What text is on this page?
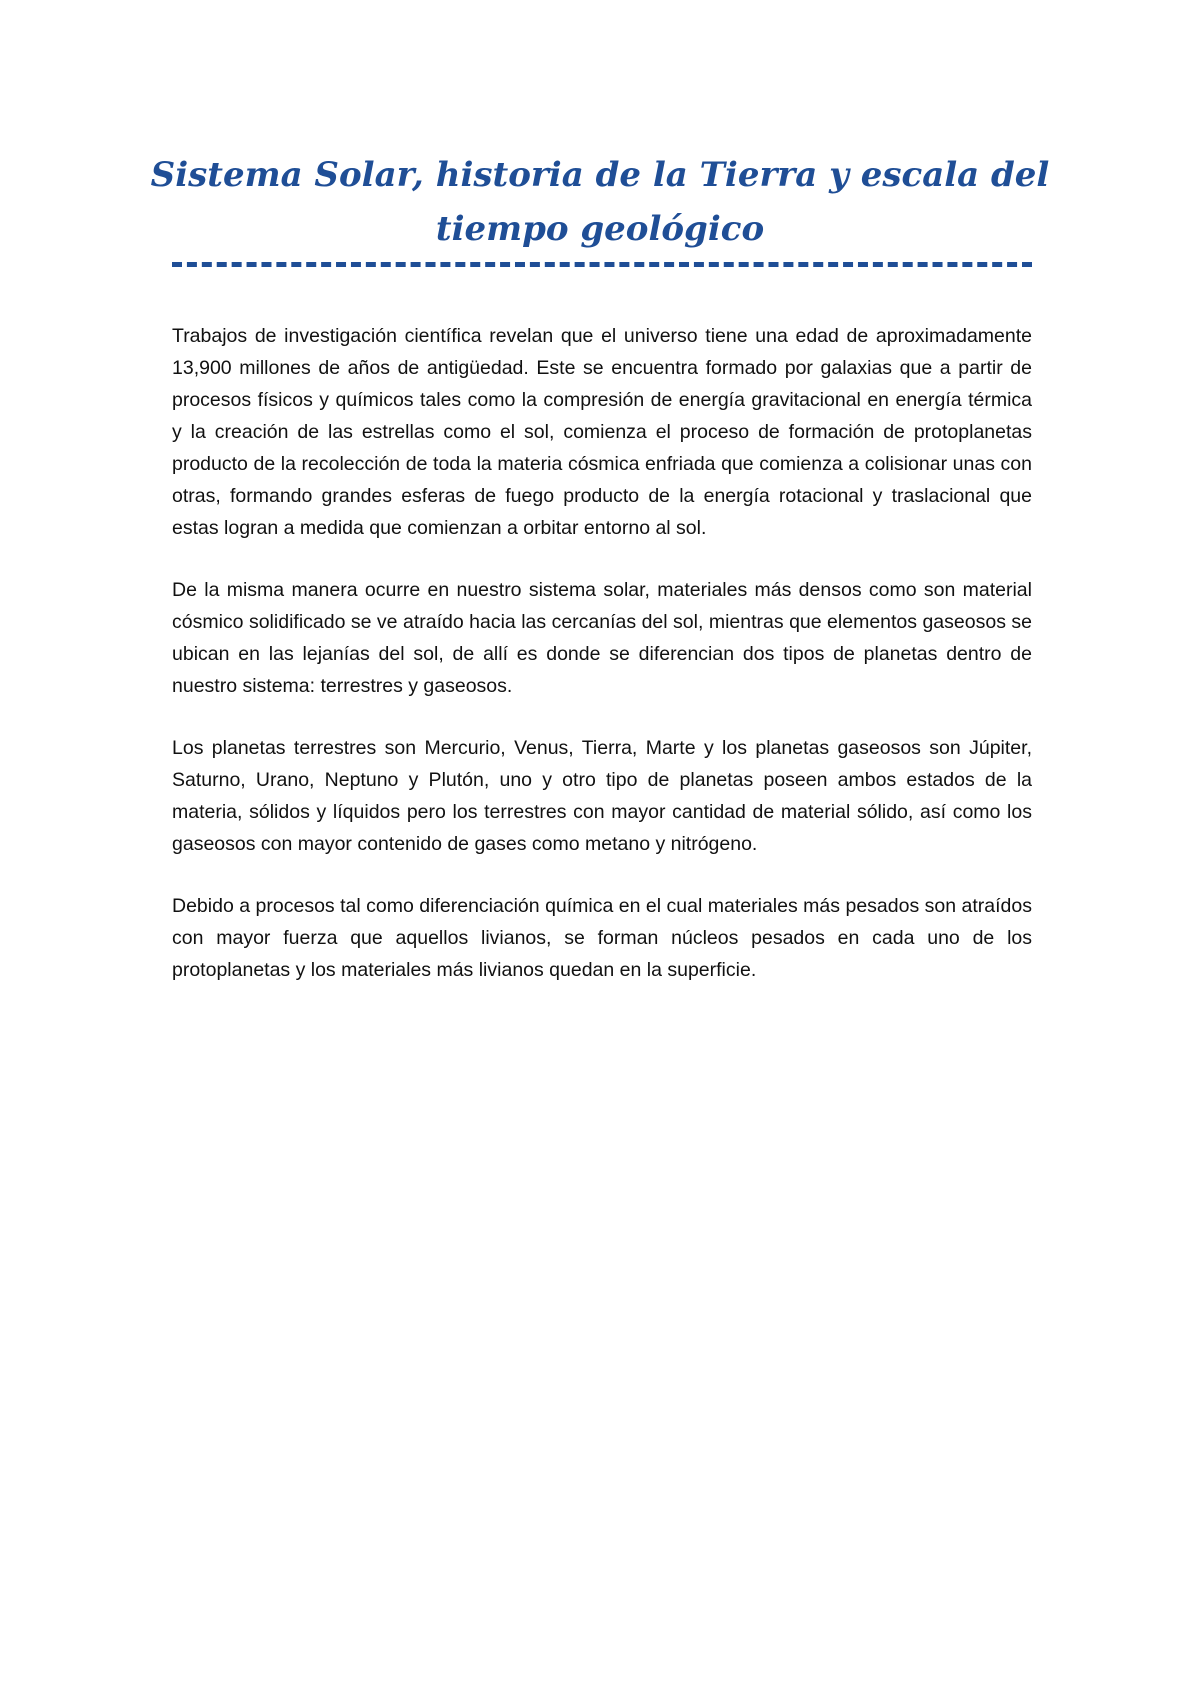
Sistema Solar, historia de la Tierra y escala del tiempo geológico

Trabajos de investigación científica revelan que el universo tiene una edad de aproximadamente 13,900 millones de años de antigüedad. Este se encuentra formado por galaxias que a partir de procesos físicos y químicos tales como la compresión de energía gravitacional en energía térmica y la creación de las estrellas como el sol, comienza el proceso de formación de protoplanetas producto de la recolección de toda la materia cósmica enfriada que comienza a colisionar unas con otras, formando grandes esferas de fuego producto de la energía rotacional y traslacional que estas logran a medida que comienzan a orbitar entorno al sol.

De la misma manera ocurre en nuestro sistema solar, materiales más densos como son material cósmico solidificado se ve atraído hacia las cercanías del sol, mientras que elementos gaseosos se ubican en las lejanías del sol, de allí es donde se diferencian dos tipos de planetas dentro de nuestro sistema: terrestres y gaseosos.

Los planetas terrestres son Mercurio, Venus, Tierra, Marte y los planetas gaseosos son Júpiter, Saturno, Urano, Neptuno y Plutón, uno y otro tipo de planetas poseen ambos estados de la materia, sólidos y líquidos pero los terrestres con mayor cantidad de material sólido, así como los gaseosos con mayor contenido de gases como metano y nitrógeno.

Debido a procesos tal como diferenciación química en el cual materiales más pesados son atraídos con mayor fuerza que aquellos livianos, se forman núcleos pesados en cada uno de los protoplanetas y los materiales más livianos quedan en la superficie.
